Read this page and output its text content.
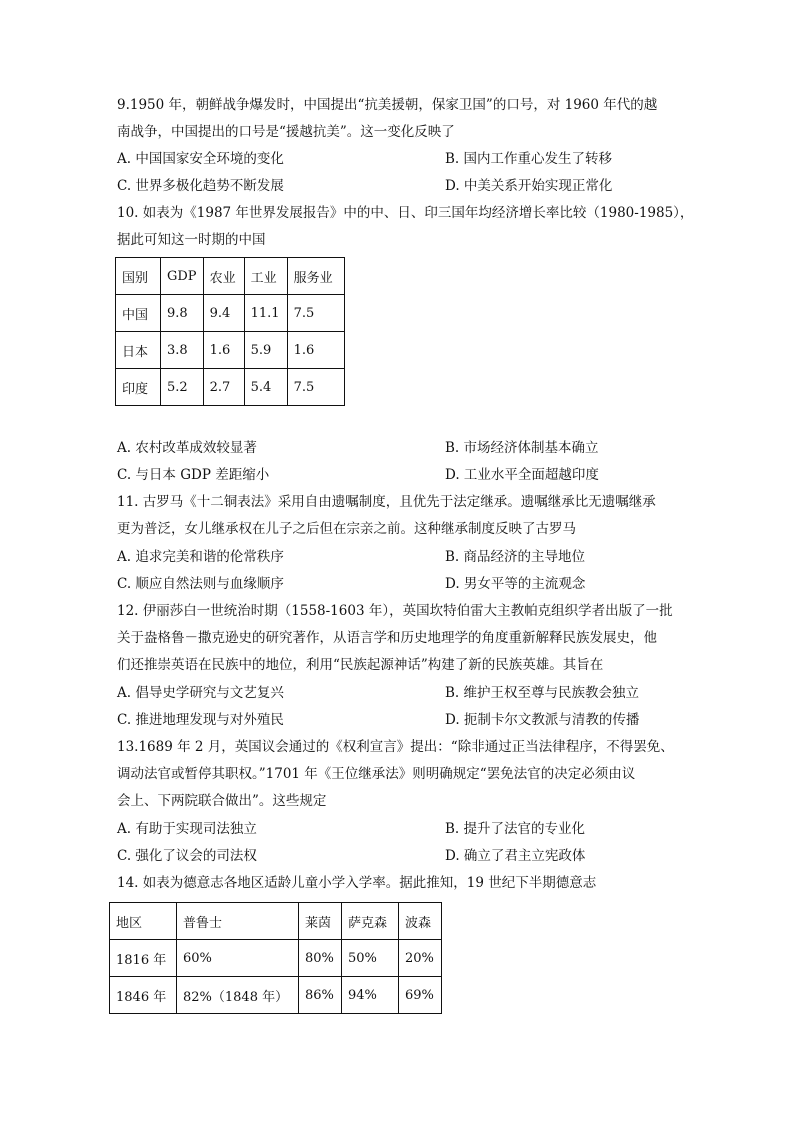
9.1950 年，朝鲜战争爆发时，中国提出“抗美援朝，保家卫国”的口号，对 1960 年代的越
南战争，中国提出的口号是“援越抗美”。这一变化反映了
A. 中国国家安全环境的变化	B. 国内工作重心发生了转移
C. 世界多极化趋势不断发展	D. 中美关系开始实现正常化
10. 如表为《1987 年世界发展报告》中的中、日、印三国年均经济增长率比较（1980-1985），
据此可知这一时期的中国
国别	GDP	农业	工业	服务业
中国	9.8	9.4	11.1	7.5
日本	3.8	1.6	5.9	1.6
印度	5.2	2.7	5.4	7.5
A. 农村改革成效较显著	B. 市场经济体制基本确立
C. 与日本 GDP 差距缩小	D. 工业水平全面超越印度
11. 古罗马《十二铜表法》采用自由遗嘱制度，且优先于法定继承。遗嘱继承比无遗嘱继承
更为普泛，女儿继承权在儿子之后但在宗亲之前。这种继承制度反映了古罗马
A. 追求完美和谐的伦常秩序	B. 商品经济的主导地位
C. 顺应自然法则与血缘顺序	D. 男女平等的主流观念
12. 伊丽莎白一世统治时期（1558-1603 年），英国坎特伯雷大主教帕克组织学者出版了一批
关于盎格鲁－撒克逊史的研究著作，从语言学和历史地理学的角度重新解释民族发展史，他
们还推崇英语在民族中的地位，利用“民族起源神话”构建了新的民族英雄。其旨在
A. 倡导史学研究与文艺复兴	B. 维护王权至尊与民族教会独立
C. 推进地理发现与对外殖民	D. 扼制卡尔文教派与清教的传播
13.1689 年 2 月，英国议会通过的《权利宣言》提出：“除非通过正当法律程序，不得罢免、
调动法官或暂停其职权。”1701 年《王位继承法》则明确规定“罢免法官的决定必须由议
会上、下两院联合做出”。这些规定
A. 有助于实现司法独立	B. 提升了法官的专业化
C. 强化了议会的司法权	D. 确立了君主立宪政体
14. 如表为德意志各地区适龄儿童小学入学率。据此推知，19 世纪下半期德意志
地区	普鲁士	莱茵	萨克森	波森
1816 年	60%	80%	50%	20%
1846 年	82%（1848 年）	86%	94%	69%
